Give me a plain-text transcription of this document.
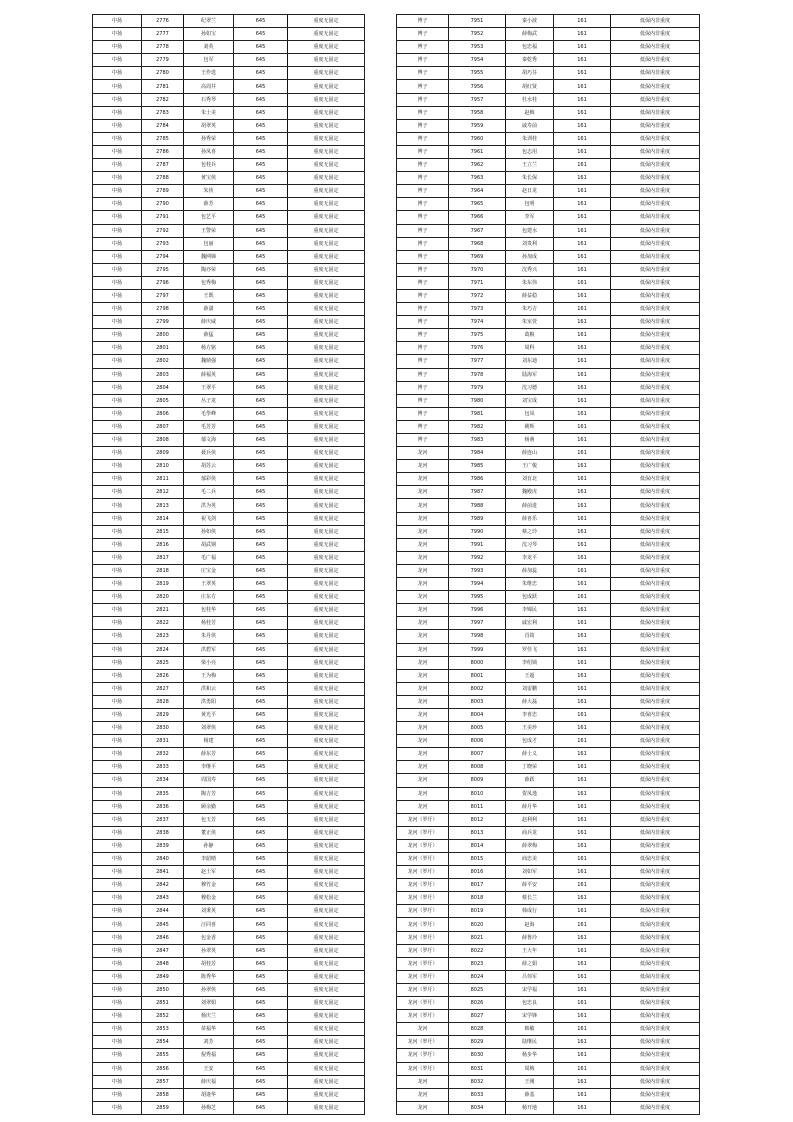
中扬	2776	纪翠兰	645	重度无固定
中扬	2777	孙如宝	645	重度无固定
中扬	2778	刘英	645	重度无固定
中扬	2779	包军	645	重度无固定
中扬	2780	王作选	645	重度无固定
中扬	2781	高周井	645	重度无固定
中扬	2782	石秀琴	645	重度无固定
中扬	2783	朱士美	645	重度无固定
中扬	2784	胡翠英	645	重度无固定
中扬	2785	孙秀荣	645	重度无固定
中扬	2786	孙凤喜	645	重度无固定
中扬	2787	包桂兵	645	重度无固定
中扬	2788	黄宝侠	645	重度无固定
中扬	2789	朱侠	645	重度无固定
中扬	2790	薛芳	645	重度无固定
中扬	2791	包艺平	645	重度无固定
中扬	2792	王警荣	645	重度无固定
中扬	2793	包丽	645	重度无固定
中扬	2794	魏网娣	645	重度无固定
中扬	2795	陶亦荣	645	重度无固定
中扬	2796	包秀梅	645	重度无固定
中扬	2797	王既	645	重度无固定
中扬	2798	薛潇	645	重度无固定
中扬	2799	薛庆威	645	重度无固定
中扬	2800	薛猛	645	重度无固定
中扬	2801	杨方铭	645	重度无固定
中扬	2802	魏鼎强	645	重度无固定
中扬	2803	薛福英	645	重度无固定
中扬	2804	王翠平	645	重度无固定
中扬	2805	丛子龙	645	重度无固定
中扬	2806	毛學峰	645	重度无固定
中扬	2807	毛芳芳	645	重度无固定
中扬	2808	郁文海	645	重度无固定
中扬	2809	聂兵侠	645	重度无固定
中扬	2810	胡苏云	645	重度无固定
中扬	2811	郁彩侠	645	重度无固定
中扬	2812	毛二兵	645	重度无固定
中扬	2813	洪为英	645	重度无固定
中扬	2814	祝飞剑	645	重度无固定
中扬	2815	孙如侠	645	重度无固定
中扬	2816	胡武钢	645	重度无固定
中扬	2817	毛广福	645	重度无固定
中扬	2818	庄宝金	645	重度无固定
中扬	2819	王翠英	645	重度无固定
中扬	2820	庄东方	645	重度无固定
中扬	2821	包桂华	645	重度无固定
中扬	2822	杨桂芳	645	重度无固定
中扬	2823	朱丹侠	645	重度无固定
中扬	2824	洪碧军	645	重度无固定
中扬	2825	梁小亮	645	重度无固定
中扬	2826	王为梅	645	重度无固定
中扬	2827	洪和云	645	重度无固定
中扬	2828	洪勇阳	645	重度无固定
中扬	2829	黄光平	645	重度无固定
中扬	2830	刘翠侠	645	重度无固定
中扬	2831	杨建	645	重度无固定
中扬	2832	薛东芳	645	重度无固定
中扬	2833	李继平	645	重度无固定
中扬	2834	周国寿	645	重度无固定
中扬	2835	陶吉芳	645	重度无固定
中扬	2836	顾余勤	645	重度无固定
中扬	2837	包玉芳	645	重度无固定
中扬	2838	董正侠	645	重度无固定
中扬	2839	孙静	645	重度无固定
中扬	2840	李韶晴	645	重度无固定
中扬	2841	赵士军	645	重度无固定
中扬	2842	穆竹金	645	重度无固定
中扬	2843	穆松金	645	重度无固定
中扬	2844	刘秉英	645	重度无固定
中扬	2845	汪同喜	645	重度无固定
中扬	2846	包金香	645	重度无固定
中扬	2847	孙翠英	645	重度无固定
中扬	2848	胡桂芳	645	重度无固定
中扬	2849	陈秀华	645	重度无固定
中扬	2850	孙翠侠	645	重度无固定
中扬	2851	刘翠娟	645	重度无固定
中扬	2852	杨庆兰	645	重度无固定
中扬	2853	苗福华	645	重度无固定
中扬	2854	刘芳	645	重度无固定
中扬	2855	倪秀福	645	重度无固定
中扬	2856	王安	645	重度无固定
中扬	2857	薛庆福	645	重度无固定
中扬	2858	胡逢华	645	重度无固定
中扬	2859	孙梅芝	645	重度无固定
博子	7951	秦小波	161	低保内非重度
博子	7952	薛梅武	161	低保内非重度
博子	7953	包忠福	161	低保内非重度
博子	7954	秦乾秀	161	低保内非重度
博子	7955	胡巧芬	161	低保内非重度
博子	7956	胡红贤	161	低保内非重度
博子	7957	杜水桂	161	低保内非重度
博子	7958	赵梅	161	低保内非重度
博子	7959	戚寿前	161	低保内非重度
博子	7960	朱训桂	161	低保内非重度
博子	7961	包志用	161	低保内非重度
博子	7962	王立兰	161	低保内非重度
博子	7963	朱长保	161	低保内非重度
博子	7964	赵日龙	161	低保内非重度
博子	7965	包明	161	低保内非重度
博子	7966	李军	161	低保内非重度
博子	7967	包建水	161	低保内非重度
博子	7968	刘贵利	161	低保内非重度
博子	7969	孙加成	161	低保内非重度
博子	7970	沈秀兴	161	低保内非重度
博子	7971	朱东伟	161	低保内非重度
博子	7972	薛益稳	161	低保内非重度
博子	7973	朱巧吉	161	低保内非重度
博子	7974	朱室萱	161	低保内非重度
博子	7975	葛粮	161	低保内非重度
博子	7976	周科	161	低保内非重度
博子	7977	刘东迪	161	低保内非重度
博子	7978	陆海军	161	低保内非重度
博子	7979	沈习德	161	低保内非重度
博子	7980	刘宝成	161	低保内非重度
博子	7981	包凤	161	低保内非重度
博子	7982	姚辉	161	低保内非重度
博子	7983	杨萌	161	低保内非重度
龙河	7984	薛连山	161	低保内非重度
龙河	7985	王广俊	161	低保内非重度
龙河	7986	刘有北	161	低保内非重度
龙河	7987	魏殿虎	161	低保内非重度
龙河	7988	薛前进	161	低保内非重度
龙河	7989	薛喜乐	161	低保内非重度
龙河	7990	蔡之玲	161	低保内非重度
龙河	7991	沈习琴	161	低保内非重度
龙河	7992	李龙平	161	低保内非重度
龙河	7993	薛加蕊	161	低保内非重度
龙河	7994	朱维忠	161	低保内非重度
龙河	7995	包成跃	161	低保内非重度
龙河	7996	李锦民	161	低保内非重度
龙河	7997	戚宏利	161	低保内非重度
龙河	7998	肖筠	161	低保内非重度
龙河	7999	罗佳飞	161	低保内非重度
龙河	8000	李绍锁	161	低保内非重度
龙河	8001	王超	161	低保内非重度
龙河	8002	刘雷鹏	161	低保内非重度
龙河	8003	薛大磊	161	低保内非重度
龙河	8004	李喜忠	161	低保内非重度
龙河	8005	王美珍	161	低保内非重度
龙河	8006	包成才	161	低保内非重度
龙河	8007	薛士义	161	低保内非重度
龙河	8008	丁晓荣	161	低保内非重度
龙河	8009	薛跃	161	低保内非重度
龙河	8010	贺凤逸	161	低保内非重度
龙河	8011	薛月华	161	低保内非重度
龙河（罗圩）	8012	赵利利	161	低保内非重度
龙河（罗圩）	8013	商兵龙	161	低保内非重度
龙河（罗圩）	8014	薛翠梅	161	低保内非重度
龙河（罗圩）	8015	商忠美	161	低保内非重度
龙河（罗圩）	8016	刘如军	161	低保内非重度
龙河（罗圩）	8017	薛平安	161	低保内非重度
龙河（罗圩）	8018	蔡长兰	161	低保内非重度
龙河（罗圩）	8019	韩成行	161	低保内非重度
龙河（罗圩）	8020	赵海	161	低保内非重度
龙河（罗圩）	8021	薛鲁玲	161	低保内非重度
龙河（罗圩）	8022	王大年	161	低保内非重度
龙河（罗圩）	8023	薛之娟	161	低保内非重度
龙河（罗圩）	8024	吕伟军	161	低保内非重度
龙河（罗圩）	8025	宋学福	161	低保内非重度
龙河（罗圩）	8026	包忠良	161	低保内非重度
龙河（罗圩）	8027	宋学锋	161	低保内非重度
龙河	8028	韩敏	161	低保内非重度
龙河（罗圩）	8029	陆继民	161	低保内非重度
龙河（罗圩）	8030	杨步华	161	低保内非重度
龙河（罗圩）	8031	周梅	161	低保内非重度
龙河	8032	王刚	161	低保内非重度
龙河	8033	薛基	161	低保内非重度
龙河	8034	杨开地	161	低保内非重度
